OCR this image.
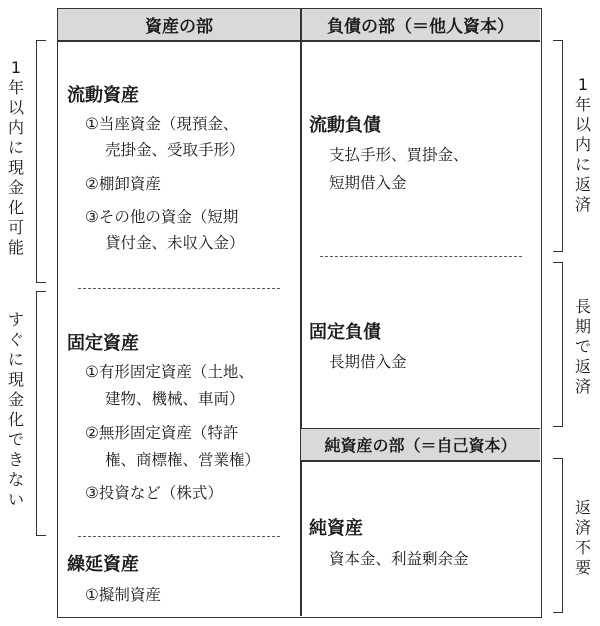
1年以内に現金化可能
すぐに現金化できない
資産の部	負債の部（＝他人資本）
純資産の部（＝自己資本）
流動資産
①当座資金（現預金、
売掛金、受取手形）
②棚卸資産
③その他の資金（短期
貸付金、未収入金）
固定資産
①有形固定資産（土地、
建物、機械、車両）
②無形固定資産（特許
権、商標権、営業権）
③投資など（株式）
繰延資産
①擬制資産
流動負債
支払手形、買掛金、
短期借入金
固定負債
長期借入金
純資産
資本金、利益剰余金
1年以内に返済
長期で返済
返済不要
